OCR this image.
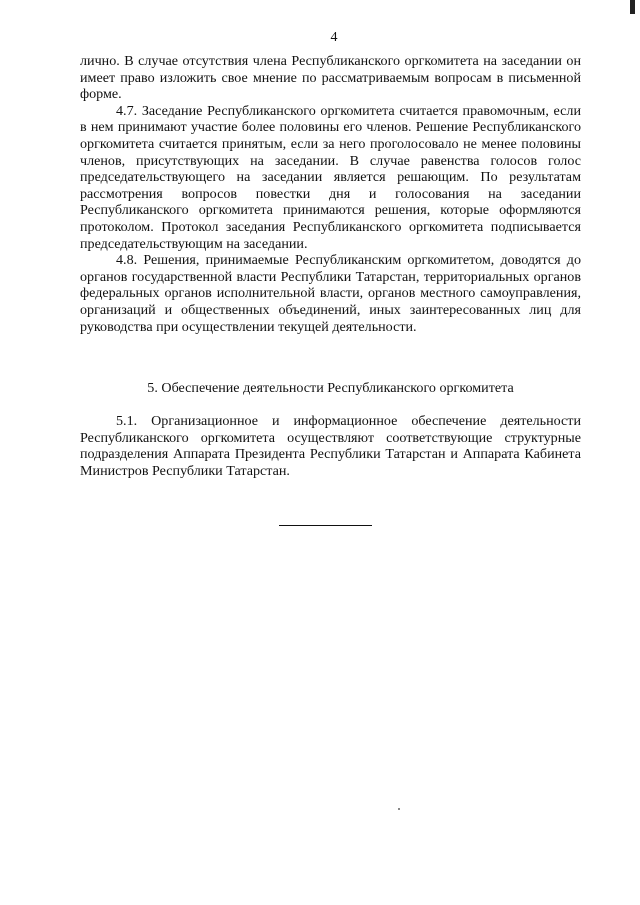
4

лично. В случае отсутствия члена Республиканского оргкомитета на заседании он имеет право изложить свое мнение по рассматриваемым вопросам в письменной форме.

4.7. Заседание Республиканского оргкомитета считается правомочным, если в нем принимают участие более половины его членов. Решение Республиканского оргкомитета считается принятым, если за него проголосовало не менее половины членов, присутствующих на заседании. В случае равенства голосов голос председательствующего на заседании является решающим. По результатам рассмотрения вопросов повестки дня и голосования на заседании Республиканского оргкомитета принимаются решения, которые оформляются протоколом. Протокол заседания Республиканского оргкомитета подписывается председательствующим на заседании.

4.8. Решения, принимаемые Республиканским оргкомитетом, доводятся до органов государственной власти Республики Татарстан, территориальных органов федеральных органов исполнительной власти, органов местного самоуправления, организаций и общественных объединений, иных заинтересованных лиц для руководства при осуществлении текущей деятельности.

5. Обеспечение деятельности Республиканского оргкомитета

5.1. Организационное и информационное обеспечение деятельности Республиканского оргкомитета осуществляют соответствующие структурные подразделения Аппарата Президента Республики Татарстан и Аппарата Кабинета Министров Республики Татарстан.
